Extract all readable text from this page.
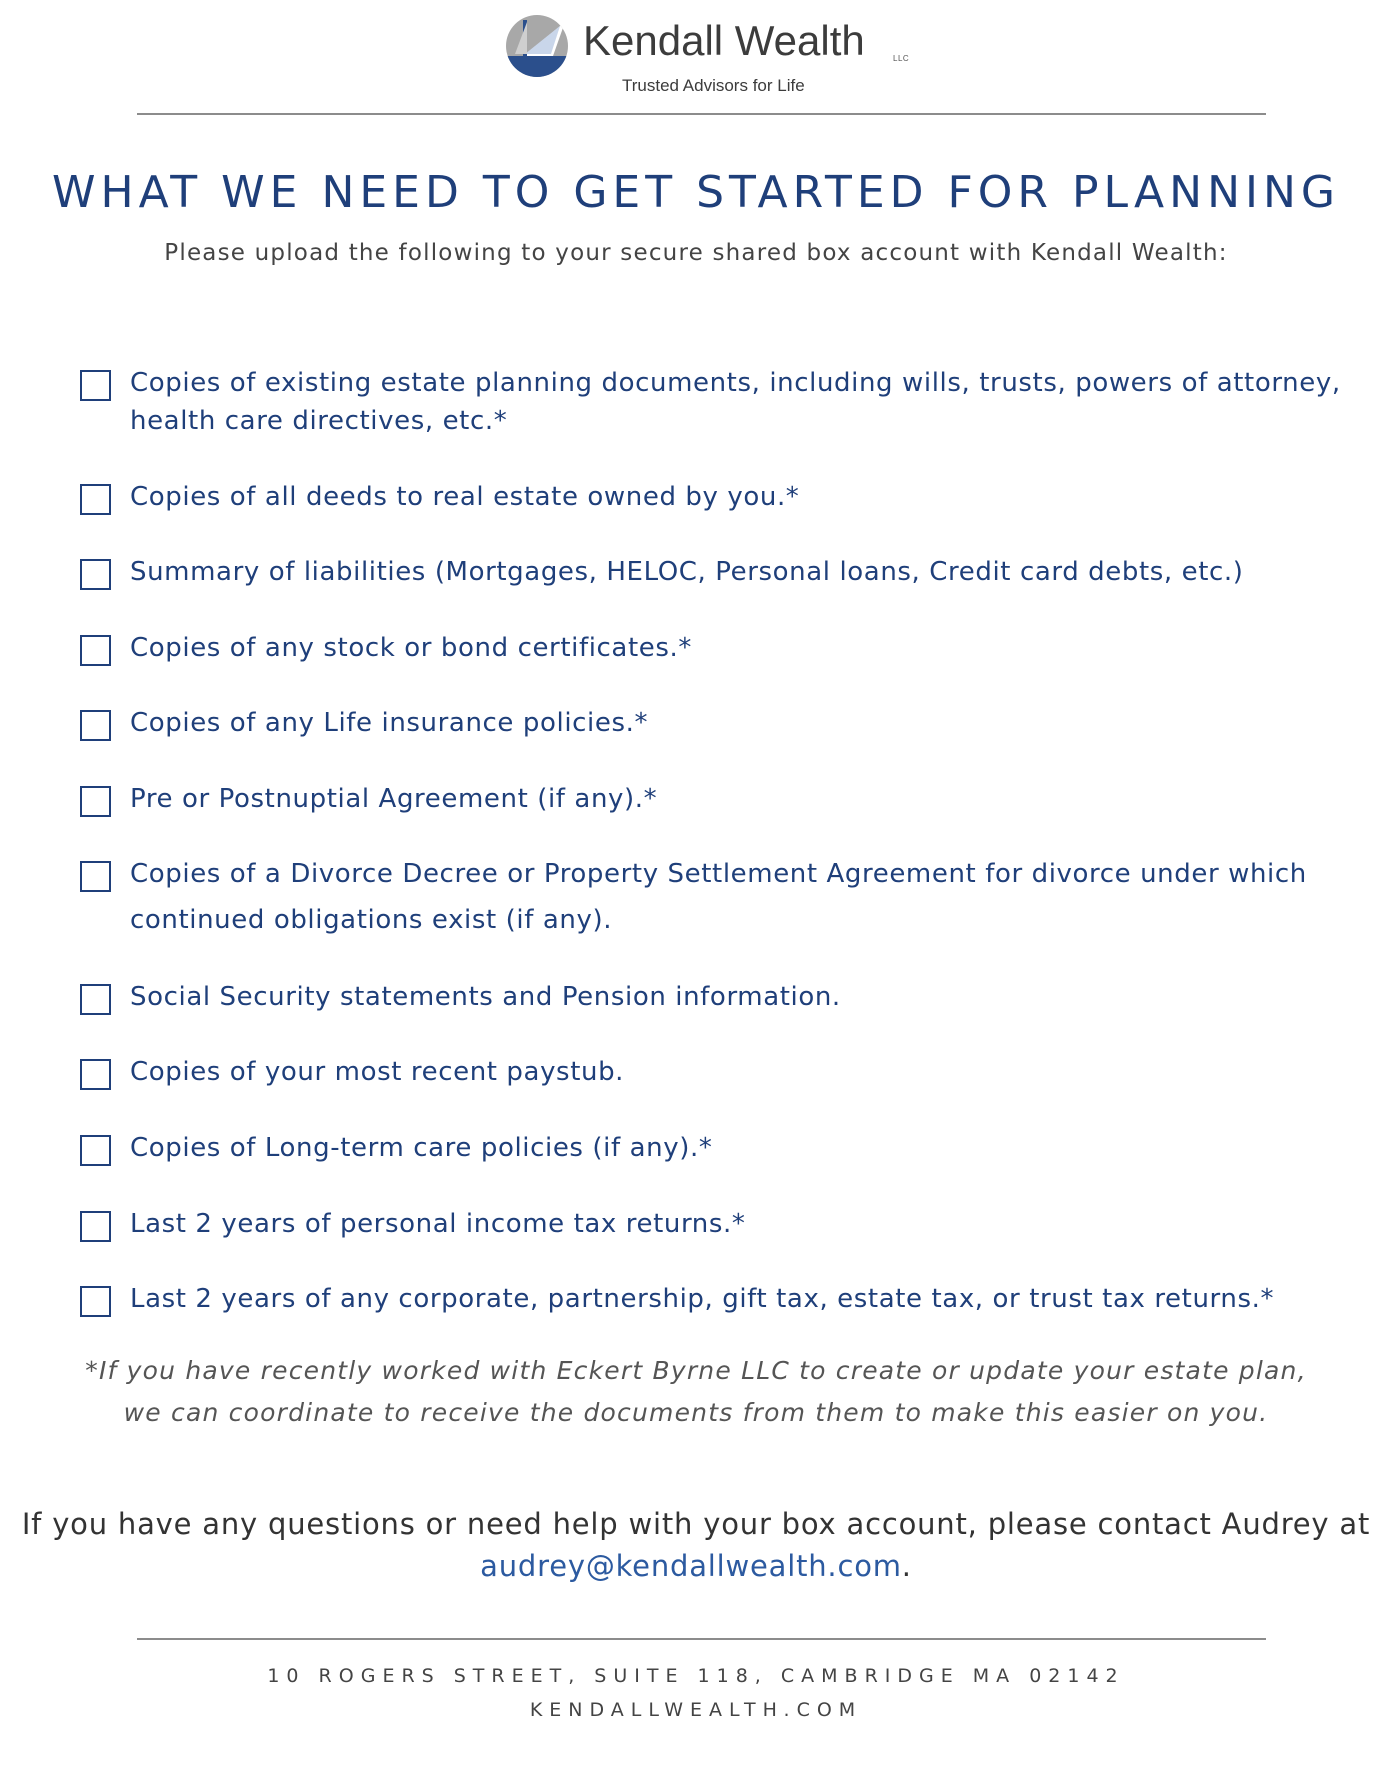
Kendall Wealth	LLC
Trusted Advisors for Life
WHAT WE NEED TO GET STARTED FOR PLANNING
Please upload the following to your secure shared box account with Kendall Wealth:
Copies of existing estate planning documents, including wills, trusts, powers of attorney,
health care directives, etc.*
Copies of all deeds to real estate owned by you.*
Summary of liabilities (Mortgages, HELOC, Personal loans, Credit card debts, etc.)
Copies of any stock or bond certificates.*
Copies of any Life insurance policies.*
Pre or Postnuptial Agreement (if any).*
Copies of a Divorce Decree or Property Settlement Agreement for divorce under which
continued obligations exist (if any).
Social Security statements and Pension information.
Copies of your most recent paystub.
Copies of Long-term care policies (if any).*
Last 2 years of personal income tax returns.*
Last 2 years of any corporate, partnership, gift tax, estate tax, or trust tax returns.*
*If you have recently worked with Eckert Byrne LLC to create or update your estate plan,
we can coordinate to receive the documents from them to make this easier on you.
If you have any questions or need help with your box account, please contact Audrey at
audrey@kendallwealth.com.
10 ROGERS STREET, SUITE 118, CAMBRIDGE MA 02142
KENDALLWEALTH.COM
